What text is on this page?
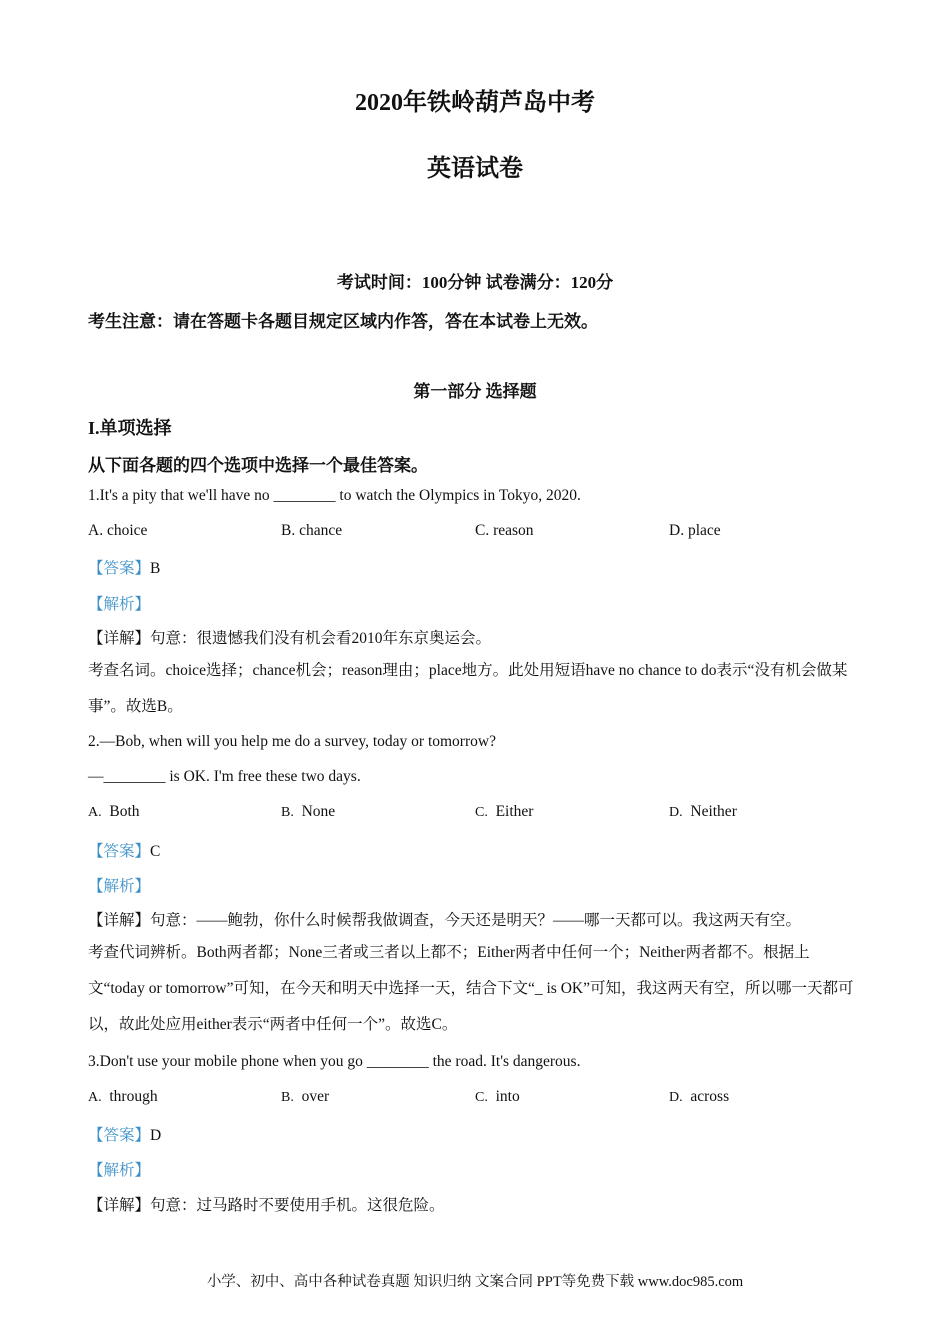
2020年铁岭葫芦岛中考
英语试卷
考试时间：100分钟 试卷满分：120分
考生注意：请在答题卡各题目规定区域内作答，答在本试卷上无效。
第一部分 选择题
I.单项选择
从下面各题的四个选项中选择一个最佳答案。
1.It's a pity that we'll have no ________ to watch the Olympics in Tokyo, 2020.
A. choice	B. chance	C. reason	D. place
【答案】B
【解析】
【详解】句意：很遗憾我们没有机会看2010年东京奥运会。
考查名词。choice选择；chance机会；reason理由；place地方。此处用短语have no chance to do表示“没有机会做某事”。故选B。
2.—Bob, when will you help me do a survey, today or tomorrow?
—________ is OK. I'm free these two days.
A. Both	B. None	C. Either	D. Neither
【答案】C
【解析】
【详解】句意：——鲍勃，你什么时候帮我做调查，今天还是明天？——哪一天都可以。我这两天有空。
考查代词辨析。Both两者都；None三者或三者以上都不；Either两者中任何一个；Neither两者都不。根据上文“today or tomorrow”可知，在今天和明天中选择一天，结合下文“_ is OK”可知，我这两天有空，所以哪一天都可以，故此处应用either表示“两者中任何一个”。故选C。
3.Don't use your mobile phone when you go ________ the road. It's dangerous.
A. through	B. over	C. into	D. across
【答案】D
【解析】
【详解】句意：过马路时不要使用手机。这很危险。
小学、初中、高中各种试卷真题 知识归纳 文案合同 PPT等免费下载 www.doc985.com
